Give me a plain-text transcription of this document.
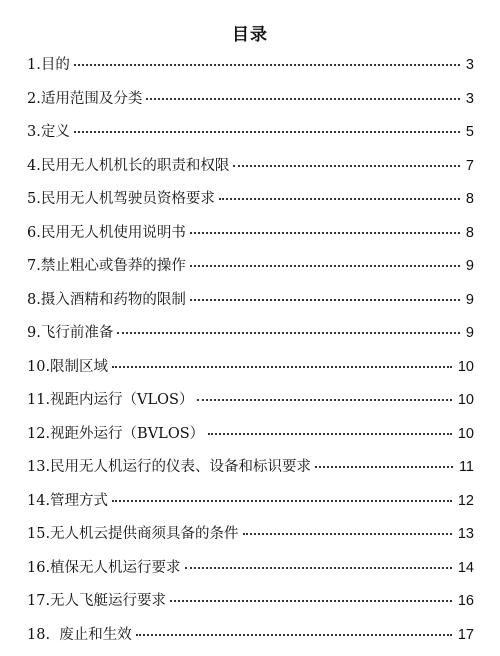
目录
1.目的	3
2.适用范围及分类	3
3.定义	5
4.民用无人机机长的职责和权限	7
5.民用无人机驾驶员资格要求	8
6.民用无人机使用说明书	8
7.禁止粗心或鲁莽的操作	9
8.摄入酒精和药物的限制	9
9.飞行前准备	9
10.限制区域	10
11.视距内运行（VLOS）	10
12.视距外运行（BVLOS）	10
13.民用无人机运行的仪表、设备和标识要求	11
14.管理方式	12
15.无人机云提供商须具备的条件	13
16.植保无人机运行要求	14
17.无人飞艇运行要求	16
18.  废止和生效	17
